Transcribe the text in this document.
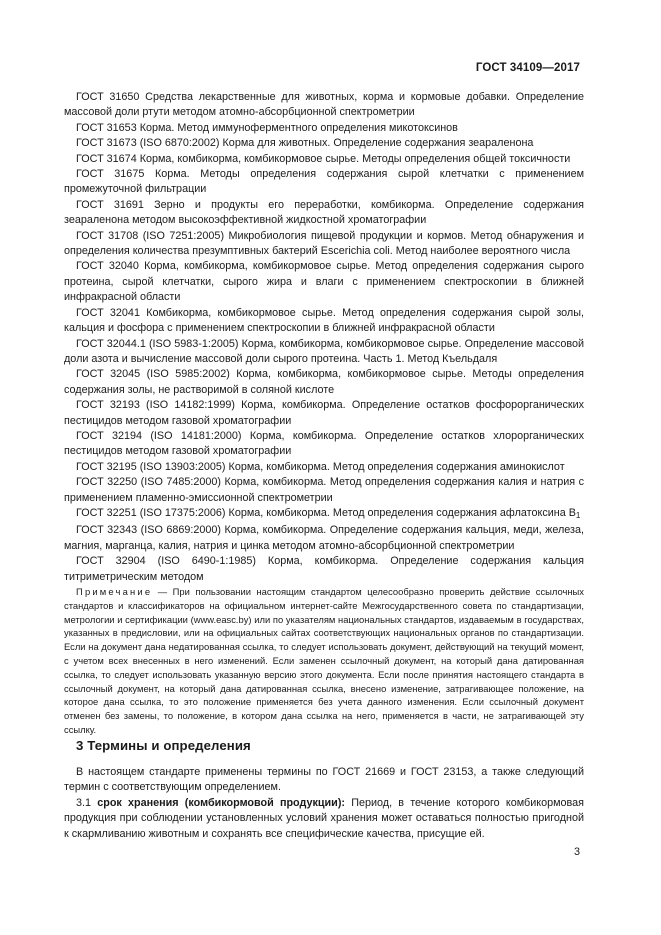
ГОСТ 34109—2017

ГОСТ 31650 Средства лекарственные для животных, корма и кормовые добавки. Определение массовой доли ртути методом атомно-абсорбционной спектрометрии

ГОСТ 31653 Корма. Метод иммуноферментного определения микотоксинов

ГОСТ 31673 (ISO 6870:2002) Корма для животных. Определение содержания зеараленона

ГОСТ 31674 Корма, комбикорма, комбикормовое сырье. Методы определения общей токсичности

ГОСТ 31675 Корма. Методы определения содержания сырой клетчатки с применением промежуточной фильтрации

ГОСТ 31691 Зерно и продукты его переработки, комбикорма. Определение содержания зеараленона методом высокоэффективной жидкостной хроматографии

ГОСТ 31708 (ISO 7251:2005) Микробиология пищевой продукции и кормов. Метод обнаружения и определения количества презумптивных бактерий Escerichia coli. Метод наиболее вероятного числа

ГОСТ 32040 Корма, комбикорма, комбикормовое сырье. Метод определения содержания сырого протеина, сырой клетчатки, сырого жира и влаги с применением спектроскопии в ближней инфракрасной области

ГОСТ 32041 Комбикорма, комбикормовое сырье. Метод определения содержания сырой золы, кальция и фосфора с применением спектроскопии в ближней инфракрасной области

ГОСТ 32044.1 (ISO 5983-1:2005) Корма, комбикорма, комбикормовое сырье. Определение массовой доли азота и вычисление массовой доли сырого протеина. Часть 1. Метод Къельдаля

ГОСТ 32045 (ISO 5985:2002) Корма, комбикорма, комбикормовое сырье. Методы определения содержания золы, не растворимой в соляной кислоте

ГОСТ 32193 (ISO 14182:1999) Корма, комбикорма. Определение остатков фосфорорганических пестицидов методом газовой хроматографии

ГОСТ 32194 (ISO 14181:2000) Корма, комбикорма. Определение остатков хлорорганических пестицидов методом газовой хроматографии

ГОСТ 32195 (ISO 13903:2005) Корма, комбикорма. Метод определения содержания аминокислот

ГОСТ 32250 (ISO 7485:2000) Корма, комбикорма. Метод определения содержания калия и натрия с применением пламенно-эмиссионной спектрометрии

ГОСТ 32251 (ISO 17375:2006) Корма, комбикорма. Метод определения содержания афлатоксина $B_1$

ГОСТ 32343 (ISO 6869:2000) Корма, комбикорма. Определение содержания кальция, меди, железа, магния, марганца, калия, натрия и цинка методом атомно-абсорбционной спектрометрии

ГОСТ 32904 (ISO 6490-1:1985) Корма, комбикорма. Определение содержания кальция титриметрическим методом

Примечание — При пользовании настоящим стандартом целесообразно проверить действие ссылочных стандартов и классификаторов на официальном интернет-сайте Межгосударственного совета по стандартизации, метрологии и сертификации (www.easc.by) или по указателям национальных стандартов, издаваемым в государствах, указанных в предисловии, или на официальных сайтах соответствующих национальных органов по стандартизации. Если на документ дана недатированная ссылка, то следует использовать документ, действующий на текущий момент, с учетом всех внесенных в него изменений. Если заменен ссылочный документ, на который дана датированная ссылка, то следует использовать указанную версию этого документа. Если после принятия настоящего стандарта в ссылочный документ, на который дана датированная ссылка, внесено изменение, затрагивающее положение, на которое дана ссылка, то это положение применяется без учета данного изменения. Если ссылочный документ отменен без замены, то положение, в котором дана ссылка на него, применяется в части, не затрагивающей эту ссылку.

3 Термины и определения

В настоящем стандарте применены термины по ГОСТ 21669 и ГОСТ 23153, а также следующий термин с соответствующим определением.

3.1 срок хранения (комбикормовой продукции): Период, в течение которого комбикормовая продукция при соблюдении установленных условий хранения может оставаться полностью пригодной к скармливанию животным и сохранять все специфические качества, присущие ей.

3
